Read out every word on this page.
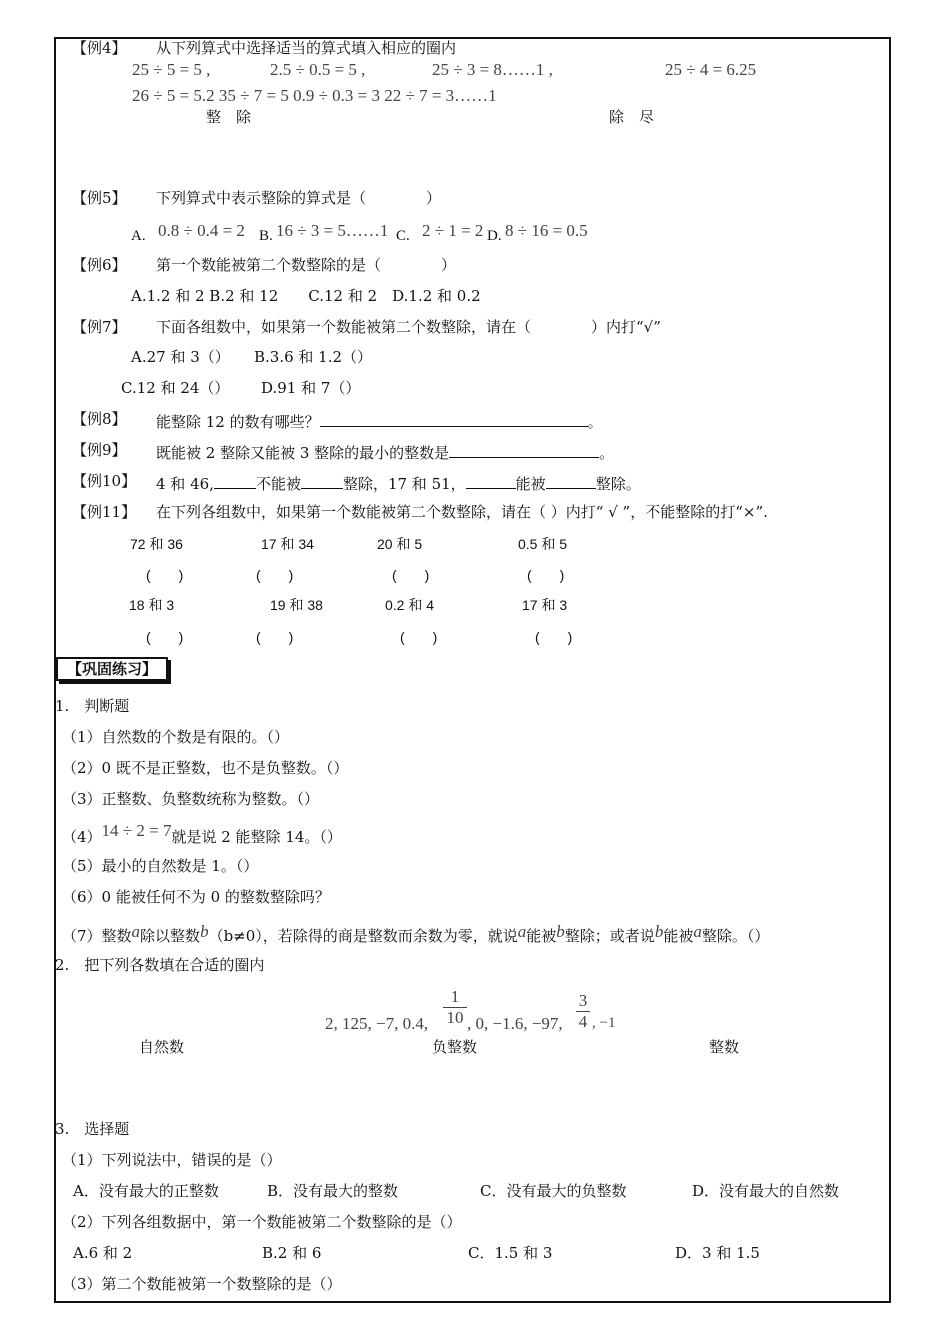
【例4】 从下列算式中选择适当的算式填入相应的圈内
25 ÷ 5 = 5 ,	2.5 ÷ 0.5 = 5 ,	25 ÷ 3 = 8……1 ,	25 ÷ 4 = 6.25
26 ÷ 5 = 5.2 35 ÷ 7 = 5 0.9 ÷ 0.3 = 3 22 ÷ 7 = 3……1
整　除	除　尽
【例5】 下列算式中表示整除的算式是（　　　　）
A. 0.8 ÷ 0.4 = 2 B. 16 ÷ 3 = 5……1 C. 2 ÷ 1 = 2 D. 8 ÷ 16 = 0.5
【例6】 第一个数能被第二个数整除的是（　　　　）
A.1.2 和 2 B.2 和 12　　C.12 和 2　D.1.2 和 0.2
【例7】 下面各组数中，如果第一个数能被第二个数整除，请在（　　　　）内打“√”
A.27 和 3（） B.3.6 和 1.2（）
C.12 和 24（） D.91 和 7（）
【例8】 能整除 12 的数有哪些？	。
【例9】 既能被 2 整除又能被 3 整除的最小的整数是	。
【例10】 4 和 46,	不能被	整除，17 和 51，	能被	整除。
【例11】 在下列各组数中，如果第一个数能被第二个数整除，请在（ ）内打“ √ ”，不能整除的打“×”.
72 和 36	17 和 34	20 和 5	0.5 和 5
(　　)	(　　)	(　　)	(　　)
18 和 3	19 和 38	0.2 和 4	17 和 3
(　　)	(　　)	(　　)	(　　)
【巩固练习】
1.　判断题
（1）自然数的个数是有限的。（）
（2）0 既不是正整数，也不是负整数。（）
（3）正整数、负整数统称为整数。（）
（4）14 ÷ 2 = 7就是说 2 能整除 14。（）
（5）最小的自然数是 1。（）
（6）0 能被任何不为 0 的整数整除吗？
（7）整数a除以整数b（b≠0），若除得的商是整数而余数为零，就说a能被b整除；或者说b能被a整除。（）
2.　把下列各数填在合适的圈内
2, 125, −7, 0.4, $\frac{1}{10}$ , 0, −1.6, −97, $\frac{3}{4}$ , −1
自然数	负整数	整数
3.　选择题
（1）下列说法中，错误的是（）
A．没有最大的正整数	B．没有最大的整数	C．没有最大的负整数	D．没有最大的自然数
（2）下列各组数据中，第一个数能被第二个数整除的是（）
A.6 和 2	B.2 和 6	C．1.5 和 3	D．3 和 1.5
（3）第二个数能被第一个数整除的是（）
